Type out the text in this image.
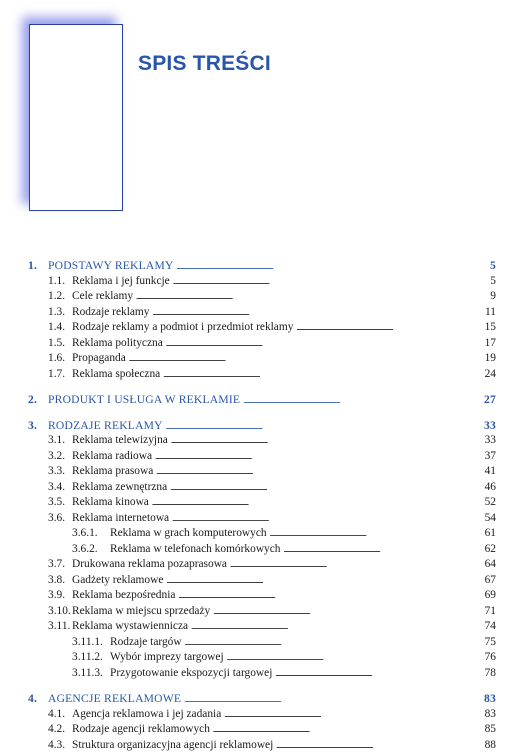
SPIS TREŚCI
1. PODSTAWY REKLAMY . . .	5
1.1. Reklama i jej funkcje . . .	5
1.2. Cele reklamy . . .	9
1.3. Rodzaje reklamy . . .	11
1.4. Rodzaje reklamy a podmiot i przedmiot reklamy . . .	15
1.5. Reklama polityczna . . .	17
1.6. Propaganda . . .	19
1.7. Reklama społeczna . . .	24
2. PRODUKT I USŁUGA W REKLAMIE . . .	27
3. RODZAJE REKLAMY . . .	33
3.1. Reklama telewizyjna . . .	33
3.2. Reklama radiowa . . .	37
3.3. Reklama prasowa . . .	41
3.4. Reklama zewnętrzna . . .	46
3.5. Reklama kinowa . . .	52
3.6. Reklama internetowa . . .	54
3.6.1.	Reklama w grach komputerowych . . .	61
3.6.2.	Reklama w telefonach komórkowych . . .	62
3.7. Drukowana reklama pozaprasowa . . .	64
3.8. Gadżety reklamowe . . .	67
3.9. Reklama bezpośrednia . . .	69
3.10. Reklama w miejscu sprzedaży . . .	71
3.11. Reklama wystawiennicza . . .	74
3.11.1. Rodzaje targów . . .	75
3.11.2. Wybór imprezy targowej . . .	76
3.11.3. Przygotowanie ekspozycji targowej . . .	78
4. AGENCJE REKLAMOWE . . .	83
4.1. Agencja reklamowa i jej zadania . . .	83
4.2. Rodzaje agencji reklamowych . . .	85
4.3. Struktura organizacyjna agencji reklamowej . . .	88
